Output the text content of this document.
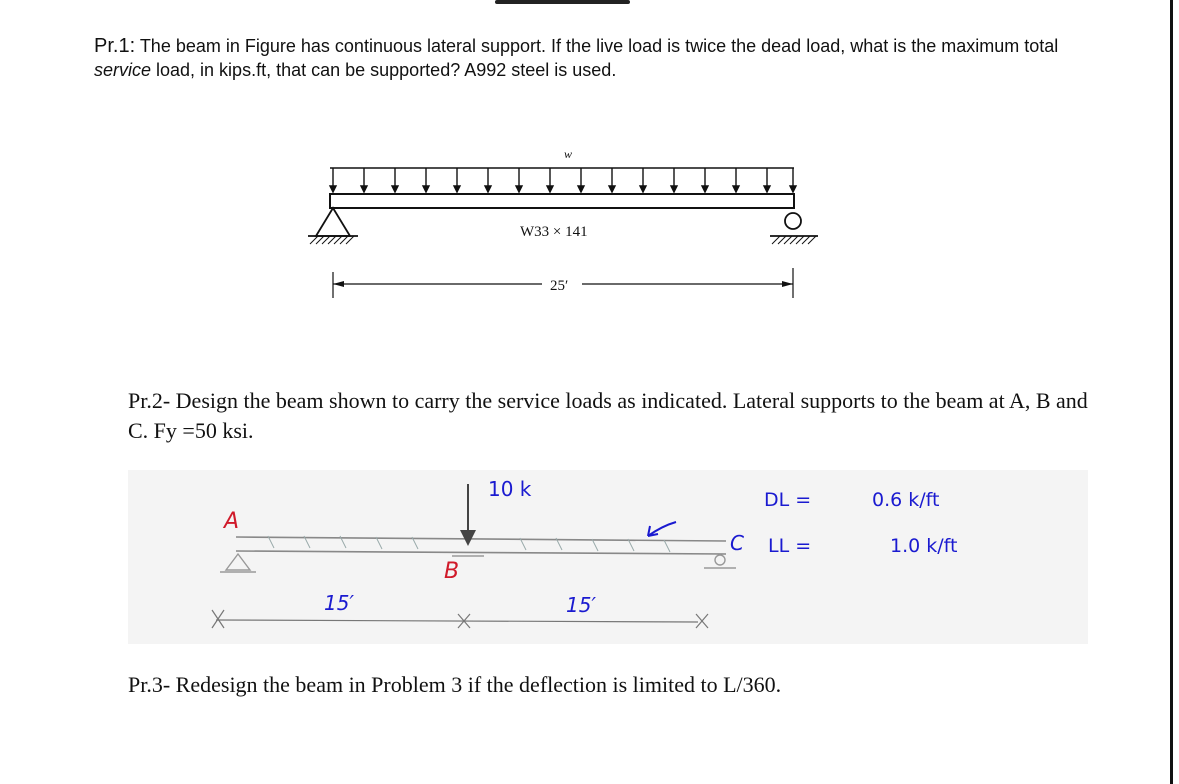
Pr.1: The beam in Figure has continuous lateral support. If the live load is twice the dead load, what is the maximum total service load, in kips.ft, that can be supported? A992 steel is used.
w
W33 × 141
25′
Pr.2- Design the beam shown to carry the service loads as indicated. Lateral supports to the beam at A, B and C. Fy =50 ksi.
10 k
A
B
C
15′	15′
DL =	0.6 k/ft
LL =	1.0 k/ft
Pr.3- Redesign the beam in Problem 3 if the deflection is limited to L/360.
